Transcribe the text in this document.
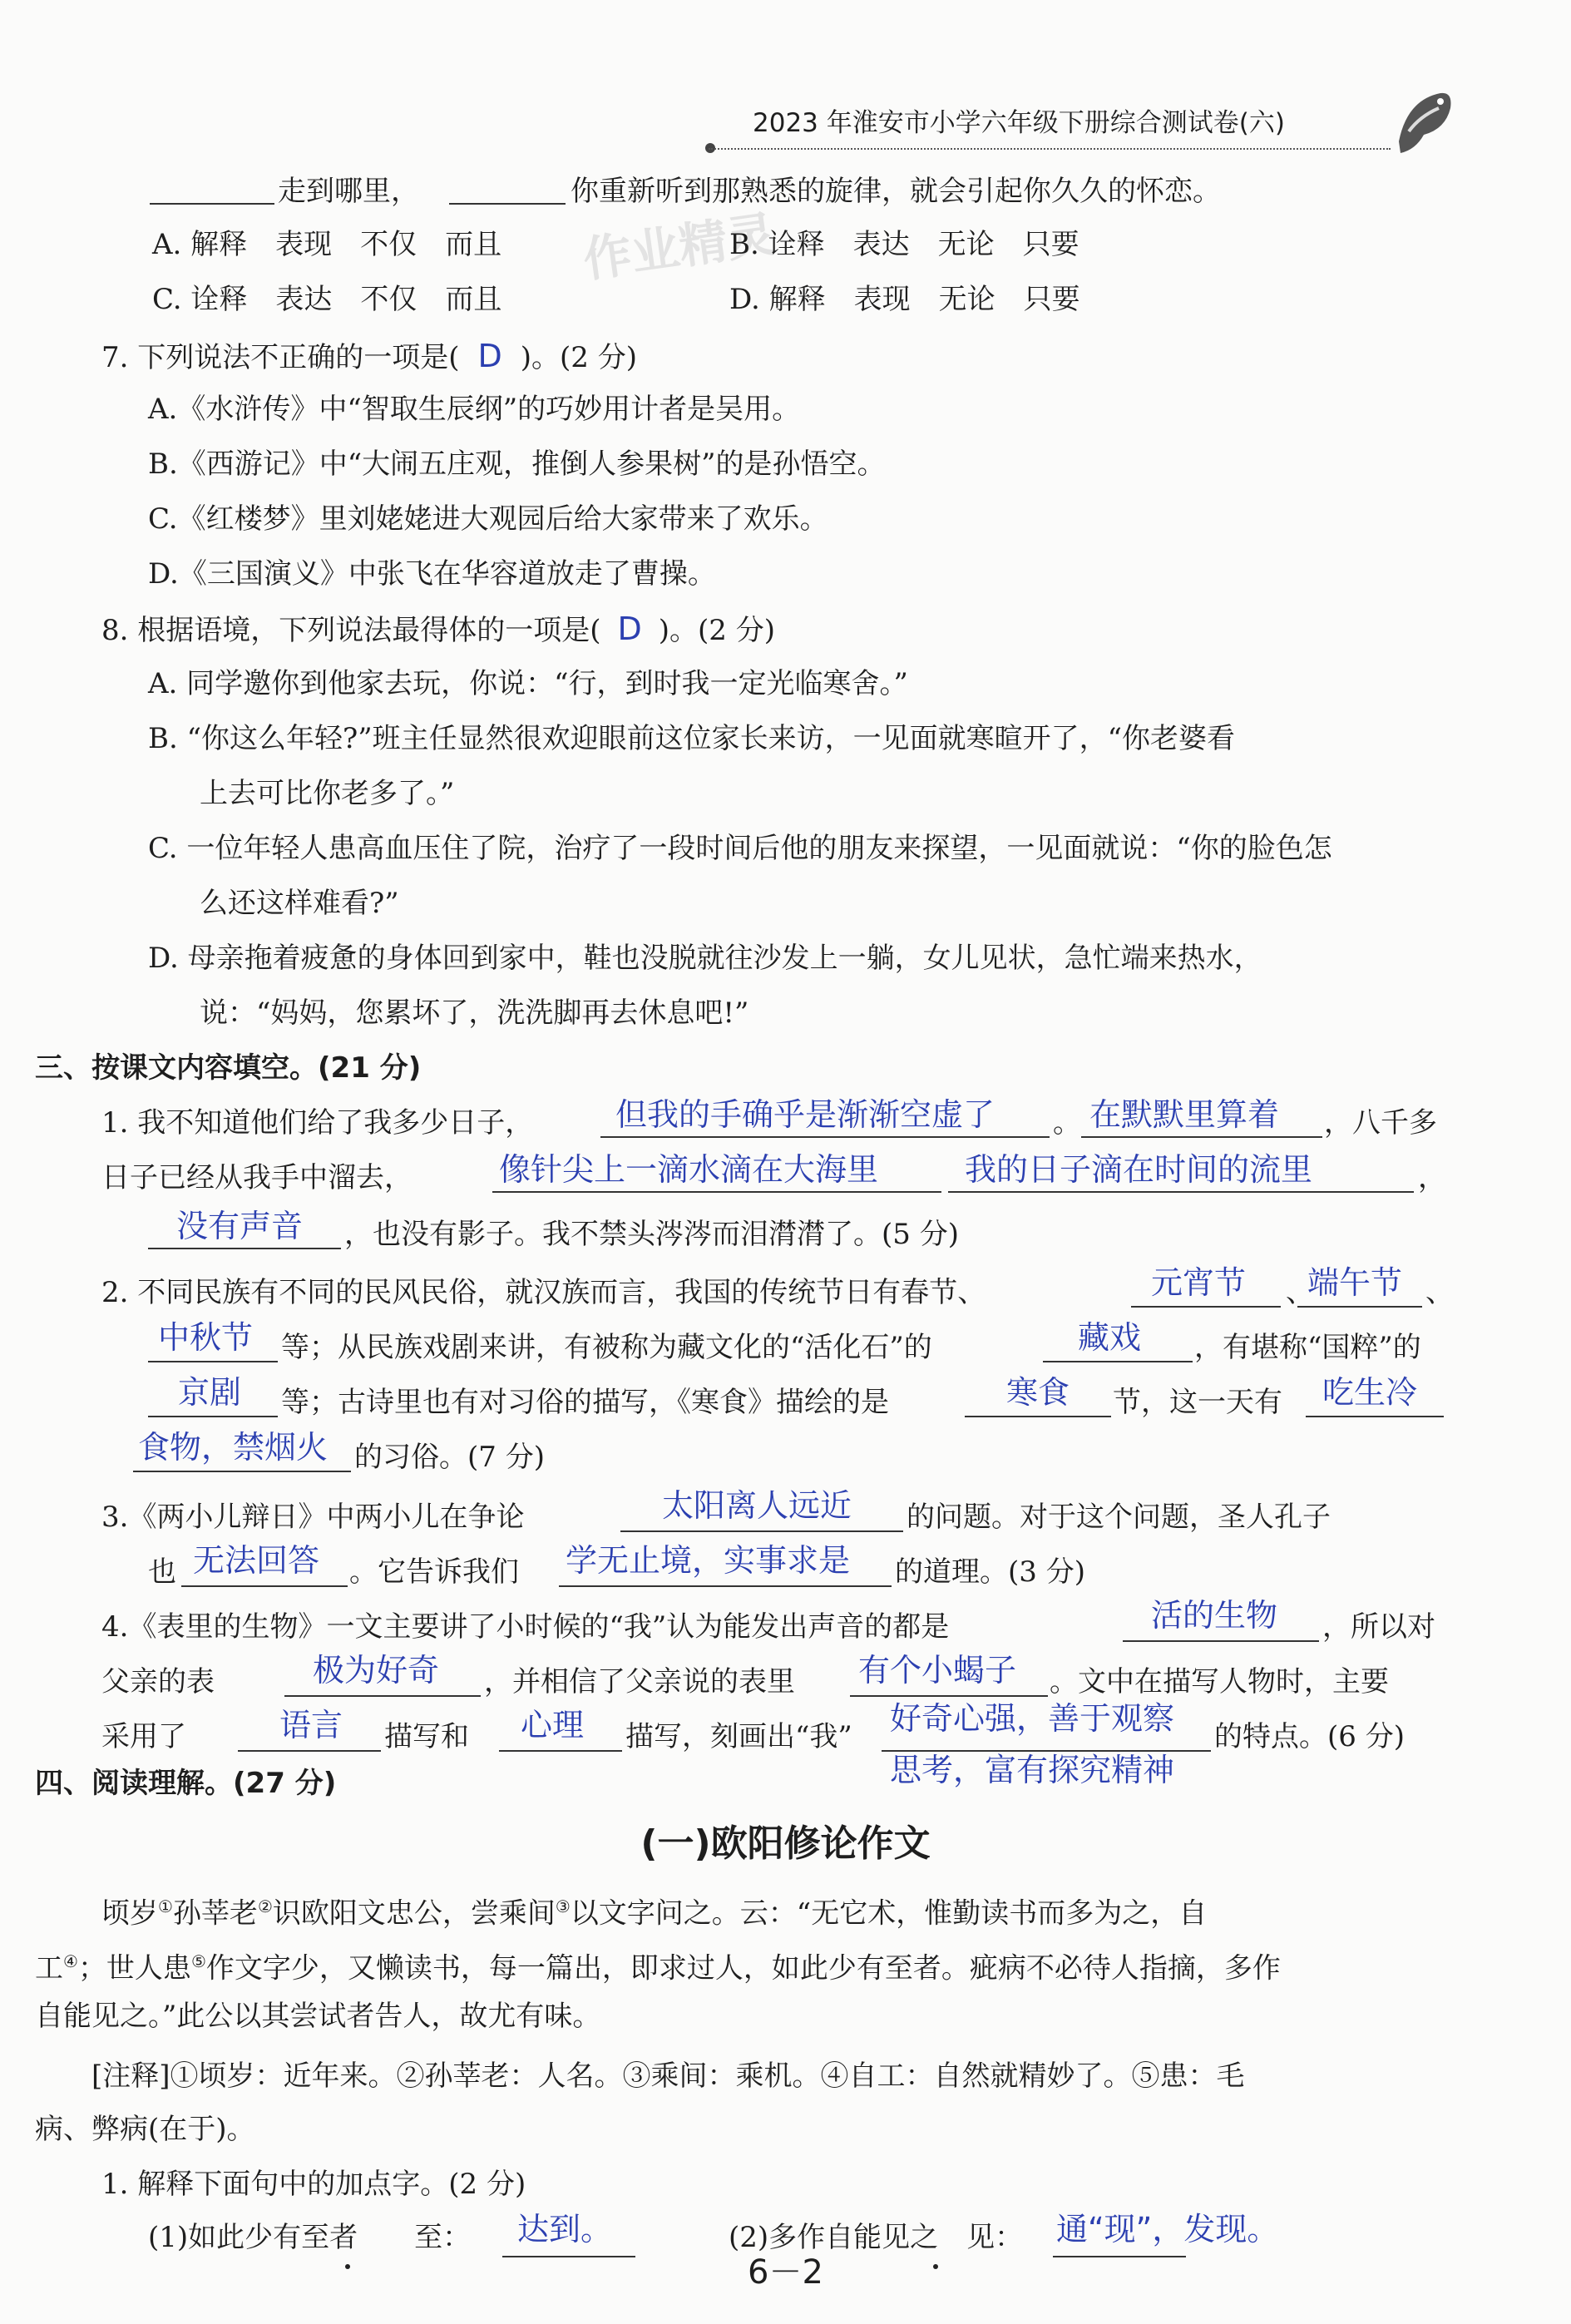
2023 年淮安市小学六年级下册综合测试卷(六)
作业精灵
走到哪里，	你重新听到那熟悉的旋律，就会引起你久久的怀恋。
A. 解释　表现　不仅　而且	B. 诠释　表达　无论　只要
C. 诠释　表达　不仅　而且	D. 解释　表现　无论　只要
7. 下列说法不正确的一项是( D )。(2 分)
A.《水浒传》中“智取生辰纲”的巧妙用计者是吴用。
B.《西游记》中“大闹五庄观，推倒人参果树”的是孙悟空。
C.《红楼梦》里刘姥姥进大观园后给大家带来了欢乐。
D.《三国演义》中张飞在华容道放走了曹操。
8. 根据语境，下列说法最得体的一项是( D )。(2 分)
A. 同学邀你到他家去玩，你说：“行，到时我一定光临寒舍。”
B. “你这么年轻?”班主任显然很欢迎眼前这位家长来访，一见面就寒暄开了，“你老婆看
上去可比你老多了。”
C. 一位年轻人患高血压住了院，治疗了一段时间后他的朋友来探望，一见面就说：“你的脸色怎
么还这样难看?”
D. 母亲拖着疲惫的身体回到家中，鞋也没脱就往沙发上一躺，女儿见状，急忙端来热水，
说：“妈妈，您累坏了，洗洗脚再去休息吧!”
三、按课文内容填空。(21 分)
1. 我不知道他们给了我多少日子，	但我的手确乎是渐渐空虚了 。 在默默里算着 ，八千多
日子已经从我手中溜去，	像针尖上一滴水滴在大海里	我的日子滴在时间的流里	，
没有声音 ，也没有影子。我不禁头涔涔而泪潸潸了。(5 分)
2. 不同民族有不同的民风民俗，就汉族而言，我国的传统节日有春节、	元宵节 、
端午节 、
中秋节 等；从民族戏剧来讲，有被称为藏文化的“活化石”的	藏戏 ，有堪称“国粹”的
京剧 等；古诗里也有对习俗的描写，《寒食》描绘的是	寒食 节，这一天有 吃生冷
食物，禁烟火 的习俗。(7 分)
3.《两小儿辩日》中两小儿在争论	太阳离人远近 的问题。对于这个问题，圣人孔子
也 无法回答 。它告诉我们 学无止境，实事求是 的道理。(3 分)
4.《表里的生物》一文主要讲了小时候的“我”认为能发出声音的都是	活的生物 ，所以对
父亲的表	极为好奇 ，并相信了父亲说的表里 有个小蝎子 。文中在描写人物时，主要
采用了	语言 描写和 心理 描写，刻画出“我” 好奇心强，善于观察 的特点。(6 分)
思考，富有探究精神
四、阅读理解。(27 分)
(一)欧阳修论作文
顷岁①孙莘老②识欧阳文忠公，尝乘间③以文字问之。云：“无它术，惟勤读书而多为之，自
工④；世人患⑤作文字少，又懒读书，每一篇出，即求过人，如此少有至者。疵病不必待人指摘，多作
自能见之。”此公以其尝试者告人，故尤有味。
[注释]①顷岁：近年来。②孙莘老：人名。③乘间：乘机。④自工：自然就精妙了。⑤患：毛
病、弊病(在于)。
1. 解释下面句中的加点字。(2 分)
(1)如此少有至者　　至： 达到。	(2)多作自能见之　见： 通“现”，发现。
6－2
